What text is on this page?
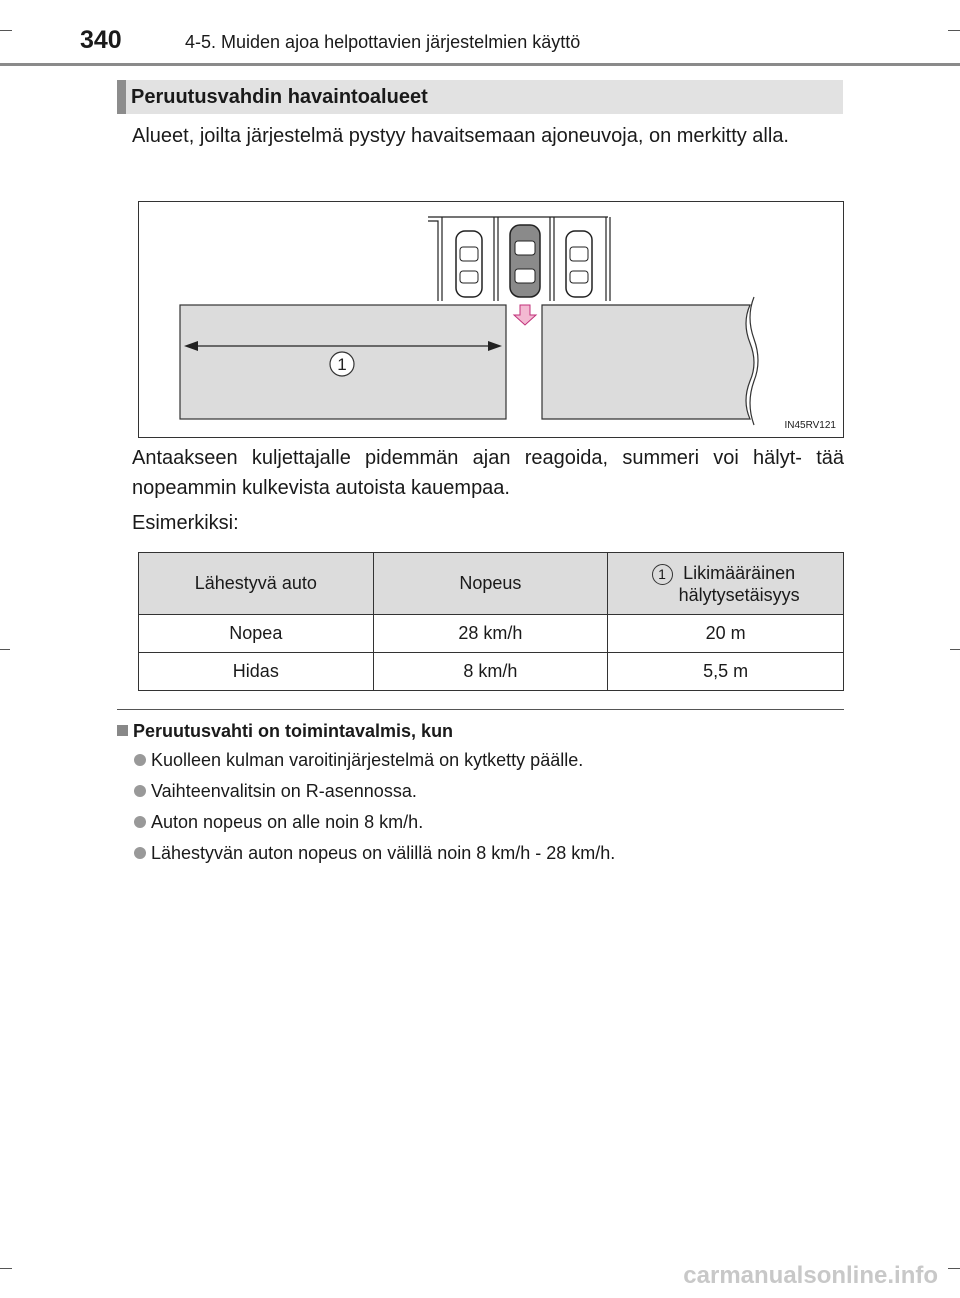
340	4-5. Muiden ajoa helpottavien järjestelmien käyttö
Peruutusvahdin havaintoalueet
Alueet, joilta järjestelmä pystyy havaitsemaan ajoneuvoja, on merkitty alla.
1
IN45RV121
Antaakseen kuljettajalle pidemmän ajan reagoida, summeri voi hälyt- tää nopeammin kulkevista autoista kauempaa.
Esimerkiksi:
Lähestyvä auto	Nopeus	1 Likimääräinen
hälytysetäisyys

Nopea	28 km/h	20 m
Hidas	8 km/h	5,5 m
Peruutusvahti on toimintavalmis, kun
Kuolleen kulman varoitinjärjestelmä on kytketty päälle.
Vaihteenvalitsin on R-asennossa.
Auton nopeus on alle noin 8 km/h.
Lähestyvän auton nopeus on välillä noin 8 km/h - 28 km/h.
carmanualsonline.info
